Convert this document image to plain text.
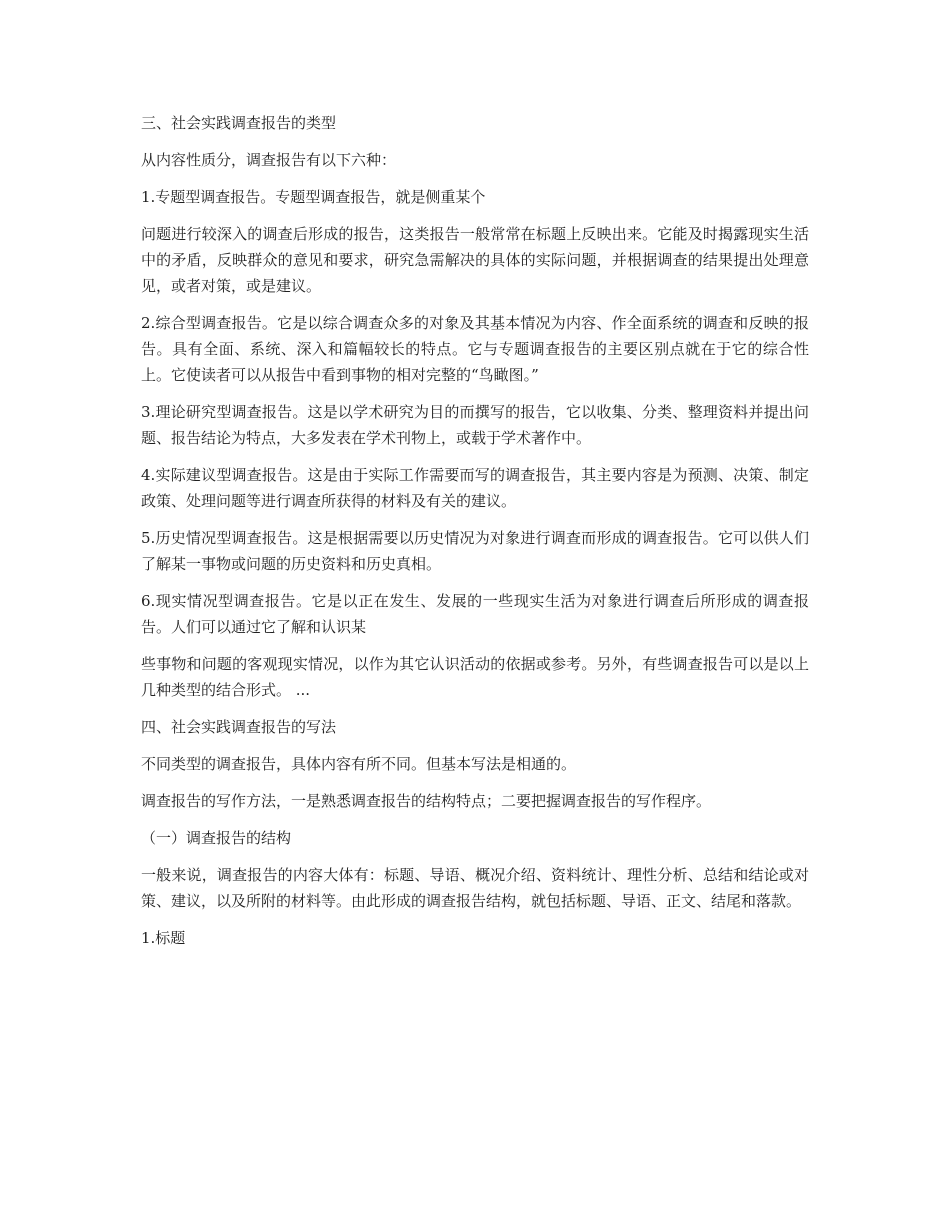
三、社会实践调查报告的类型

从内容性质分，调查报告有以下六种：

1.专题型调查报告。专题型调查报告，就是侧重某个

问题进行较深入的调查后形成的报告，这类报告一般常常在标题上反映出来。它能及时揭露现实生活中的矛盾，反映群众的意见和要求，研究急需解决的具体的实际问题，并根据调查的结果提出处理意见，或者对策，或是建议。

2.综合型调查报告。它是以综合调查众多的对象及其基本情况为内容、作全面系统的调查和反映的报告。具有全面、系统、深入和篇幅较长的特点。它与专题调查报告的主要区别点就在于它的综合性上。它使读者可以从报告中看到事物的相对完整的“鸟瞰图。”

3.理论研究型调查报告。这是以学术研究为目的而撰写的报告，它以收集、分类、整理资料并提出问题、报告结论为特点，大多发表在学术刊物上，或载于学术著作中。

4.实际建议型调查报告。这是由于实际工作需要而写的调查报告，其主要内容是为预测、决策、制定政策、处理问题等进行调查所获得的材料及有关的建议。

5.历史情况型调查报告。这是根据需要以历史情况为对象进行调查而形成的调查报告。它可以供人们了解某一事物或问题的历史资料和历史真相。

6.现实情况型调查报告。它是以正在发生、发展的一些现实生活为对象进行调查后所形成的调查报告。人们可以通过它了解和认识某

些事物和问题的客观现实情况，以作为其它认识活动的依据或参考。另外，有些调查报告可以是以上几种类型的结合形式。 ...

四、社会实践调查报告的写法

不同类型的调查报告，具体内容有所不同。但基本写法是相通的。

调查报告的写作方法，一是熟悉调查报告的结构特点；二要把握调查报告的写作程序。

（一）调查报告的结构

一般来说，调查报告的内容大体有：标题、导语、概况介绍、资料统计、理性分析、总结和结论或对策、建议，以及所附的材料等。由此形成的调查报告结构，就包括标题、导语、正文、结尾和落款。

1.标题
